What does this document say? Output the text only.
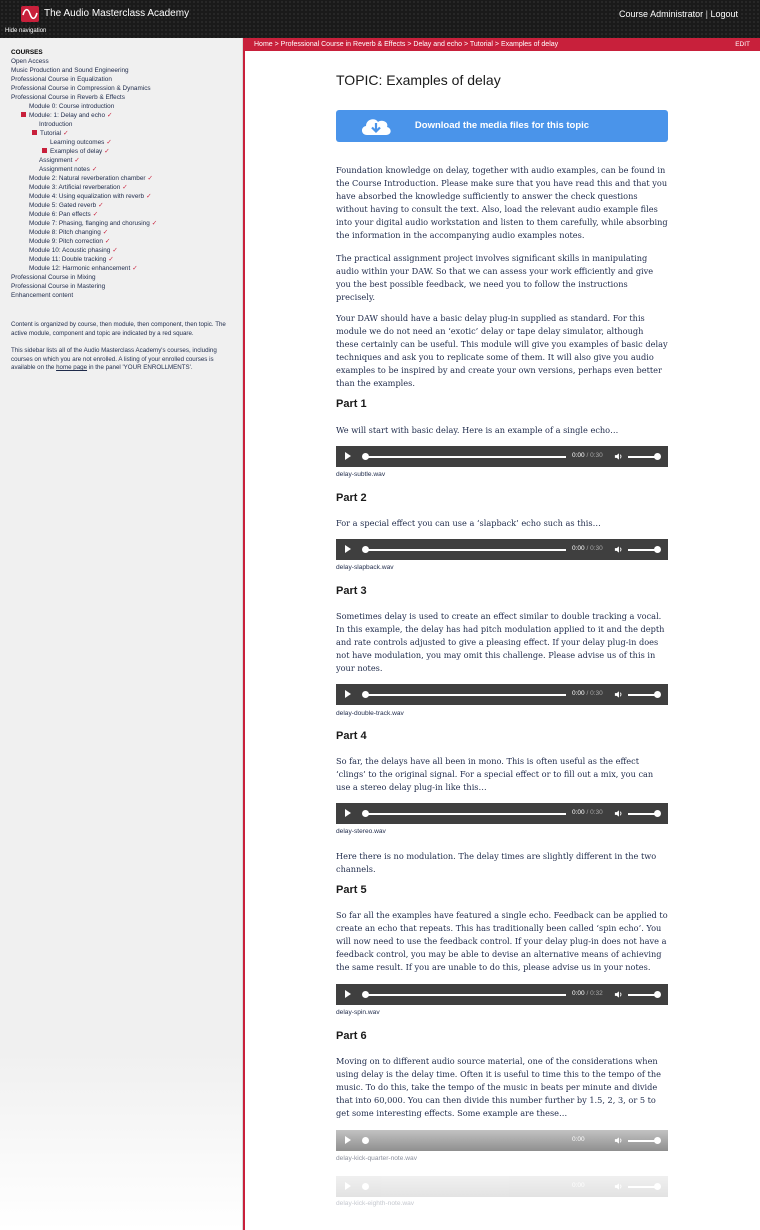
The Audio Masterclass Academy
Hide navigation
Course Administrator | Logout
COURSES
Open Access
Music Production and Sound Engineering
Professional Course in Equalization
Professional Course in Compression & Dynamics
Professional Course in Reverb & Effects
Module 0: Course introduction
Module: 1: Delay and echo ✓
Introduction
Tutorial ✓
Learning outcomes ✓
Examples of delay ✓
Assignment ✓
Assignment notes ✓
Module 2: Natural reverberation chamber ✓
Module 3: Artificial reverberation ✓
Module 4: Using equalization with reverb ✓
Module 5: Gated reverb ✓
Module 6: Pan effects ✓
Module 7: Phasing, flanging and chorusing ✓
Module 8: Pitch changing ✓
Module 9: Pitch correction ✓
Module 10: Acoustic phasing ✓
Module 11: Double tracking ✓
Module 12: Harmonic enhancement ✓
Professional Course in Mixing
Professional Course in Mastering
Enhancement content
Content is organized by course, then module, then component, then topic. The active module, component and topic are indicated by a red square.
This sidebar lists all of the Audio Masterclass Academy's courses, including courses on which you are not enrolled. A listing of your enrolled courses is available on the home page in the panel 'YOUR ENROLLMENTS'.
Home > Professional Course in Reverb & Effects > Delay and echo > Tutorial > Examples of delay	EDIT
TOPIC: Examples of delay
Download the media files for this topic
Foundation knowledge on delay, together with audio examples, can be found in the Course Introduction. Please make sure that you have read this and that you have absorbed the knowledge sufficiently to answer the check questions without having to consult the text. Also, load the relevant audio example files into your digital audio workstation and listen to them carefully, while absorbing the information in the accompanying audio examples notes.
The practical assignment project involves significant skills in manipulating audio within your DAW. So that we can assess your work efficiently and give you the best possible feedback, we need you to follow the instructions precisely.
Your DAW should have a basic delay plug-in supplied as standard. For this module we do not need an ‘exotic’ delay or tape delay simulator, although these certainly can be useful. This module will give you examples of basic delay techniques and ask you to replicate some of them. It will also give you audio examples to be inspired by and create your own versions, perhaps even better than the examples.
Part 1
We will start with basic delay. Here is an example of a single echo…
0:00 / 0:30
delay-subtle.wav
Part 2
For a special effect you can use a ‘slapback’ echo such as this…
0:00 / 0:30
delay-slapback.wav
Part 3
Sometimes delay is used to create an effect similar to double tracking a vocal. In this example, the delay has had pitch modulation applied to it and the depth and rate controls adjusted to give a pleasing effect. If your delay plug-in does not have modulation, you may omit this challenge. Please advise us of this in your notes.
0:00 / 0:30
delay-double-track.wav
Part 4
So far, the delays have all been in mono. This is often useful as the effect ‘clings’ to the original signal. For a special effect or to fill out a mix, you can use a stereo delay plug-in like this…
0:00 / 0:30
delay-stereo.wav
Here there is no modulation. The delay times are slightly different in the two channels.
Part 5
So far all the examples have featured a single echo. Feedback can be applied to create an echo that repeats. This has traditionally been called ‘spin echo’. You will now need to use the feedback control. If your delay plug-in does not have a feedback control, you may be able to devise an alternative means of achieving the same result. If you are unable to do this, please advise us in your notes.
0:00 / 0:32
delay-spin.wav
Part 6
Moving on to different audio source material, one of the considerations when using delay is the delay time. Often it is useful to time this to the tempo of the music. To do this, take the tempo of the music in beats per minute and divide that into 60,000. You can then divide this number further by 1.5, 2, 3, or 5 to get some interesting effects. Some example are these…
0:00
delay-kick-quarter-note.wav
0:00
delay-kick-eighth-note.wav
